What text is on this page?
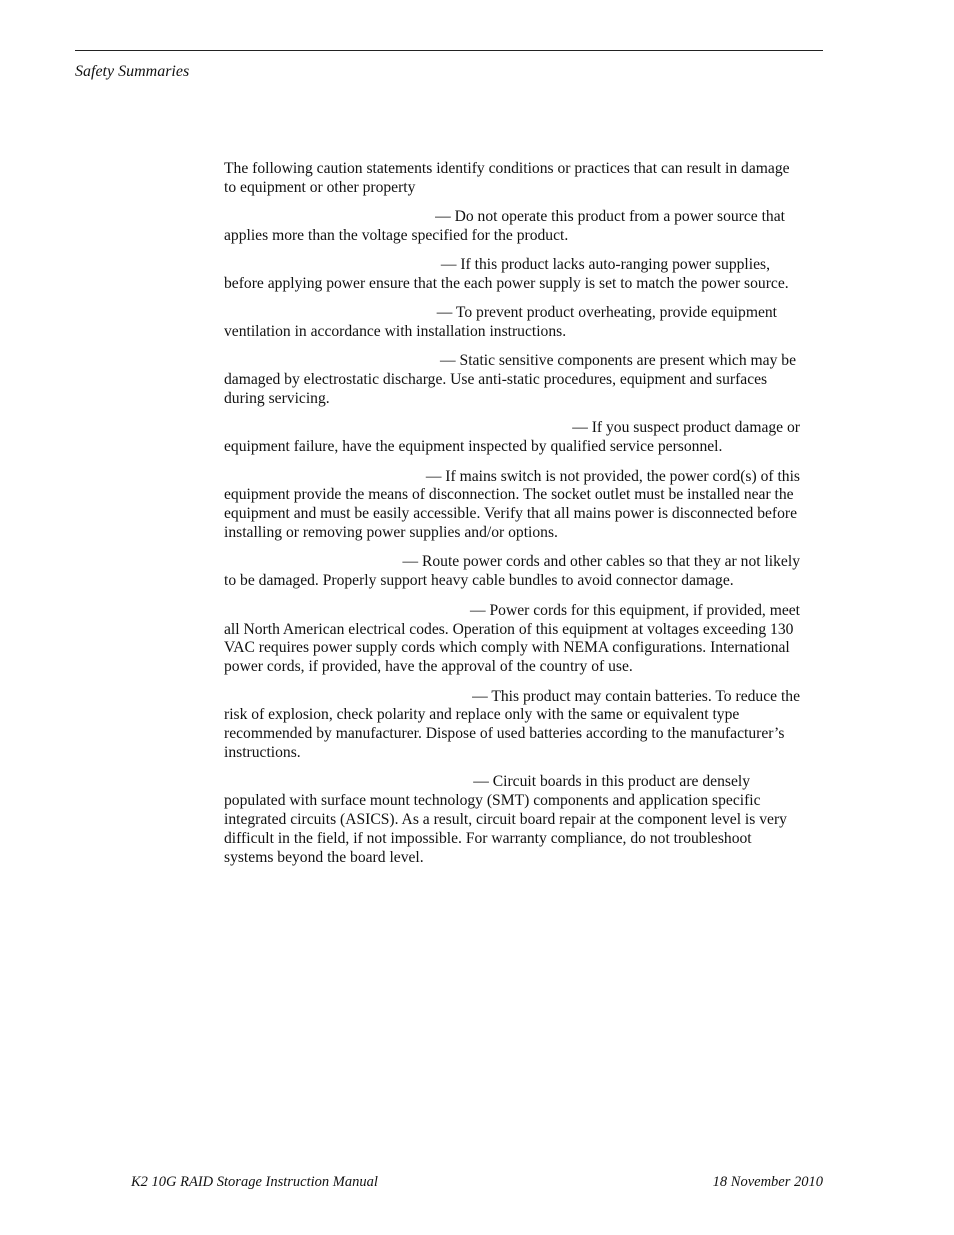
Safety Summaries

The following caution statements identify conditions or practices that can result in damage to equipment or other property

— Do not operate this product from a power source that
applies more than the voltage specified for the product.

— If this product lacks auto-ranging power supplies,
before applying power ensure that the each power supply is set to match the power source.

— To prevent product overheating, provide equipment
ventilation in accordance with installation instructions.

— Static sensitive components are present which may be
damaged by electrostatic discharge. Use anti-static procedures, equipment and surfaces during servicing.

— If you suspect product damage or
equipment failure, have the equipment inspected by qualified service personnel.

— If mains switch is not provided, the power cord(s) of this
equipment provide the means of disconnection. The socket outlet must be installed near the equipment and must be easily accessible. Verify that all mains power is disconnected before installing or removing power supplies and/or options.

— Route power cords and other cables so that they ar not likely
to be damaged. Properly support heavy cable bundles to avoid connector damage.

— Power cords for this equipment, if provided, meet
all North American electrical codes. Operation of this equipment at voltages exceeding 130 VAC requires power supply cords which comply with NEMA configurations. International power cords, if provided, have the approval of the country of use.

— This product may contain batteries. To reduce the
risk of explosion, check polarity and replace only with the same or equivalent type recommended by manufacturer. Dispose of used batteries according to the manufacturer’s instructions.

— Circuit boards in this product are densely
populated with surface mount technology (SMT) components and application specific integrated circuits (ASICS). As a result, circuit board repair at the component level is very difficult in the field, if not impossible. For warranty compliance, do not troubleshoot systems beyond the board level.

K2 10G RAID Storage Instruction Manual	18 November 2010
